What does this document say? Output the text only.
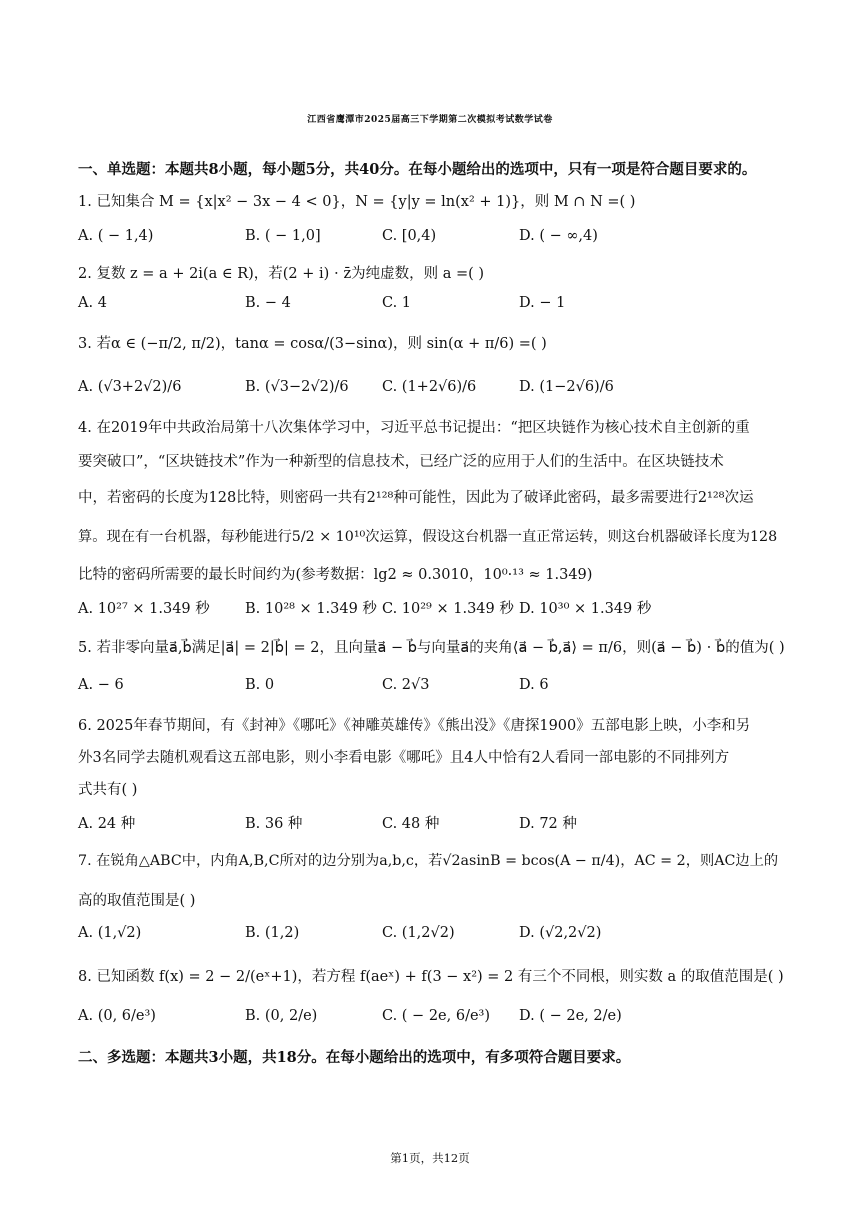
江西省鹰潭市2025届高三下学期第二次模拟考试数学试卷
一、单选题：本题共8小题，每小题5分，共40分。在每小题给出的选项中，只有一项是符合题目要求的。
1. 已知集合 M = {x|x² − 3x − 4 < 0}，N = {y|y = ln(x² + 1)}，则 M ∩ N =( )
A. ( − 1,4)	B. ( − 1,0]	C. [0,4)	D. ( − ∞,4)
2. 复数 z = a + 2i(a ∈ R)，若(2 + i) ⋅ z̄为纯虚数，则 a =( )
A. 4	B. − 4	C. 1	D. − 1
3. 若α ∈ (−π/2, π/2)，tanα = cosα/(3−sinα)，则 sin(α + π/6) =( )
A. (√3+2√2)/6	B. (√3−2√2)/6 C. (1+2√6)/6	D. (1−2√6)/6
4. 在2019年中共政治局第十八次集体学习中，习近平总书记提出：“把区块链作为核心技术自主创新的重
要突破口”，“区块链技术”作为一种新型的信息技术，已经广泛的应用于人们的生活中。在区块链技术
中，若密码的长度为128比特，则密码一共有2¹²⁸种可能性，因此为了破译此密码，最多需要进行2¹²⁸次运
算。现在有一台机器，每秒能进行5/2 × 10¹⁰次运算，假设这台机器一直正常运转，则这台机器破译长度为128
比特的密码所需要的最长时间约为(参考数据：lg2 ≈ 0.3010，10⁰·¹³ ≈ 1.349)
A. 10²⁷ × 1.349 秒 B. 10²⁸ × 1.349 秒 C. 10²⁹ × 1.349 秒 D. 10³⁰ × 1.349 秒
5. 若非零向量a⃗,b⃗满足|a⃗| = 2|b⃗| = 2，且向量a⃗ − b⃗与向量a⃗的夹角⟨a⃗ − b⃗,a⃗⟩ = π/6，则(a⃗ − b⃗) ⋅ b⃗的值为( )
A. − 6	B. 0	C. 2√3	D. 6
6. 2025年春节期间，有《封神》《哪吒》《神雕英雄传》《熊出没》《唐探1900》五部电影上映，小李和另
外3名同学去随机观看这五部电影，则小李看电影《哪吒》且4人中恰有2人看同一部电影的不同排列方
式共有( )
A. 24 种	B. 36 种	C. 48 种	D. 72 种
7. 在锐角△ABC中，内角A,B,C所对的边分别为a,b,c，若√2asinB = bcos(A − π/4)，AC = 2，则AC边上的
高的取值范围是( )
A. (1,√2)	B. (1,2)	C. (1,2√2)	D. (√2,2√2)
8. 已知函数 f(x) = 2 − 2/(eˣ+1)，若方程 f(aeˣ) + f(3 − x²) = 2 有三个不同根，则实数 a 的取值范围是( )
A. (0, 6/e³)	B. (0, 2/e)	C. ( − 2e, 6/e³) D. ( − 2e, 2/e)
二、多选题：本题共3小题，共18分。在每小题给出的选项中，有多项符合题目要求。
第1页，共12页
